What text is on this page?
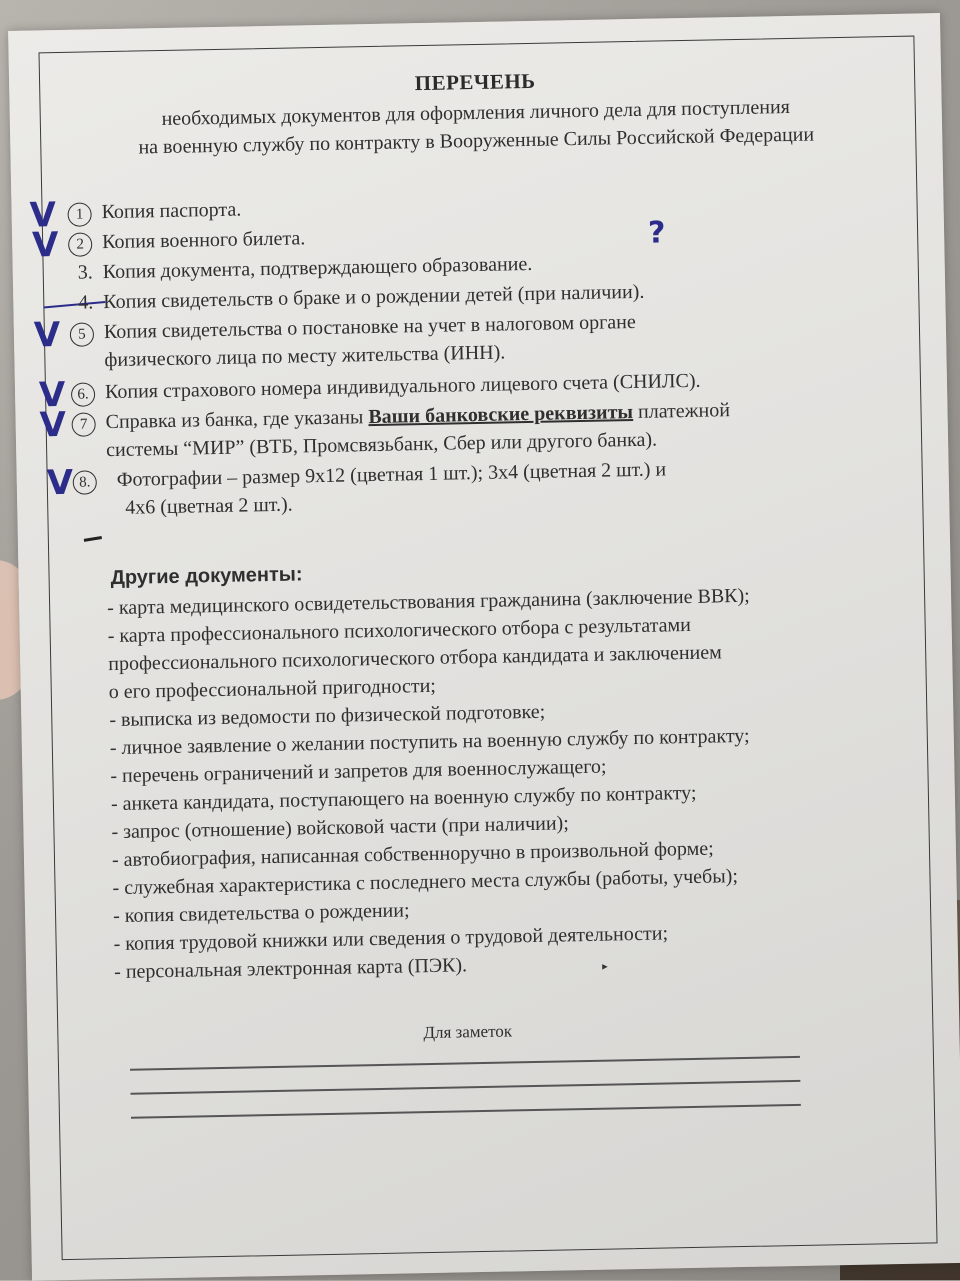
ПЕРЕЧЕНЬ
необходимых документов для оформления личного дела для поступления
на военную службу по контракту в Вооруженные Силы Российской Федерации
V	1 Копия паспорта.
V	2 Копия военного билета.
3. Копия документа, подтверждающего образование.
?
4. Копия свидетельств о браке и о рождении детей (при наличии).
V	5 Копия свидетельства о постановке на учет в налоговом органе
физического лица по месту жительства (ИНН).
V 6. Копия страхового номера индивидуального лицевого счета (СНИЛС).
V 7 Справка из банка, где указаны Ваши банковские реквизиты платежной
системы “МИР” (ВТБ, Промсвязьбанк, Сбер или другого банка).
V 8.	Фотографии – размер 9x12 (цветная 1 шт.); 3x4 (цветная 2 шт.) и
4x6 (цветная 2 шт.).
Другие документы:
- карта медицинского освидетельствования гражданина (заключение ВВК);
- карта профессионального психологического отбора с результатами
профессионального психологического отбора кандидата и заключением
о его профессиональной пригодности;
- выписка из ведомости по физической подготовке;
- личное заявление о желании поступить на военную службу по контракту;
- перечень ограничений и запретов для военнослужащего;
- анкета кандидата, поступающего на военную службу по контракту;
- запрос (отношение) войсковой части (при наличии);
- автобиография, написанная собственноручно в произвольной форме;
- служебная характеристика с последнего места службы (работы, учебы);
- копия свидетельства о рождении;
- копия трудовой книжки или сведения о трудовой деятельности;
- персональная электронная карта (ПЭК).	▸
Для заметок
